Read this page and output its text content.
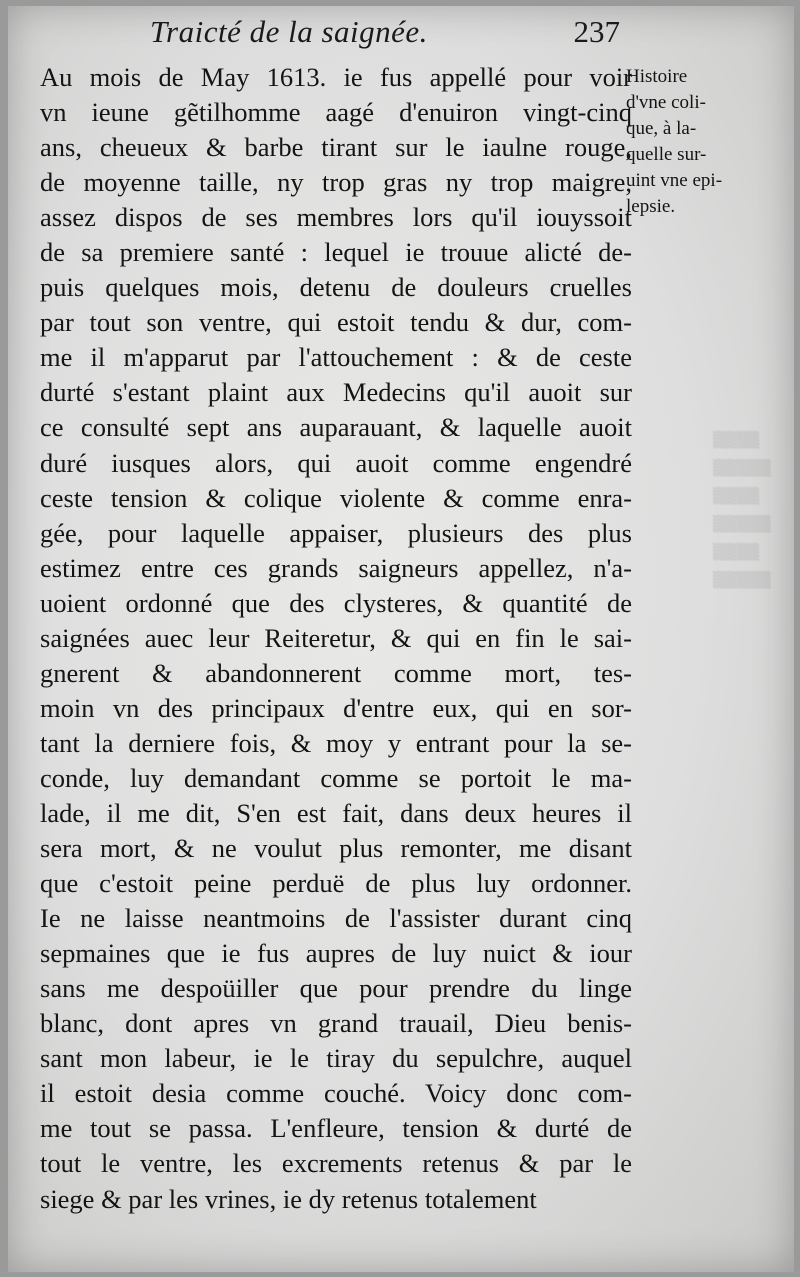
▒▒▒▒
▒▒▒▒▒
▒▒▒▒
▒▒▒▒▒
▒▒▒▒
▒▒▒▒▒
Traicté de la saignée.	237
Histoire
d'vne coli-
que, à la-
quelle sur-
uint vne epi-
lepsie.
Au mois de May 1613. ie fus appellé pour voir
vn ieune gẽtilhomme aagé d'enuiron vingt-cinq
ans, cheueux & barbe tirant sur le iaulne rouge,
de moyenne taille, ny trop gras ny trop maigre,
assez dispos de ses membres lors qu'il iouyssoit
de sa premiere santé : lequel ie trouue alicté de-
puis quelques mois, detenu de douleurs cruelles
par tout son ventre, qui estoit tendu & dur, com-
me il m'apparut par l'attouchement : & de ceste
durté s'estant plaint aux Medecins qu'il auoit sur
ce consulté sept ans auparauant, & laquelle auoit
duré iusques alors, qui auoit comme engendré
ceste tension & colique violente & comme enra-
gée, pour laquelle appaiser, plusieurs des plus
estimez entre ces grands saigneurs appellez, n'a-
uoient ordonné que des clysteres, & quantité de
saignées auec leur Reiteretur, & qui en fin le sai-
gnerent & abandonnerent comme mort, tes-
moin vn des principaux d'entre eux, qui en sor-
tant la derniere fois, & moy y entrant pour la se-
conde, luy demandant comme se portoit le ma-
lade, il me dit, S'en est fait, dans deux heures il
sera mort, & ne voulut plus remonter, me disant
que c'estoit peine perduë de plus luy ordonner.
Ie ne laisse neantmoins de l'assister durant cinq
sepmaines que ie fus aupres de luy nuict & iour
sans me despoüiller que pour prendre du linge
blanc, dont apres vn grand trauail, Dieu benis-
sant mon labeur, ie le tiray du sepulchre, auquel
il estoit desia comme couché. Voicy donc com-
me tout se passa. L'enfleure, tension & durté de
tout le ventre, les excrements retenus & par le
siege & par les vrines, ie dy retenus totalement
